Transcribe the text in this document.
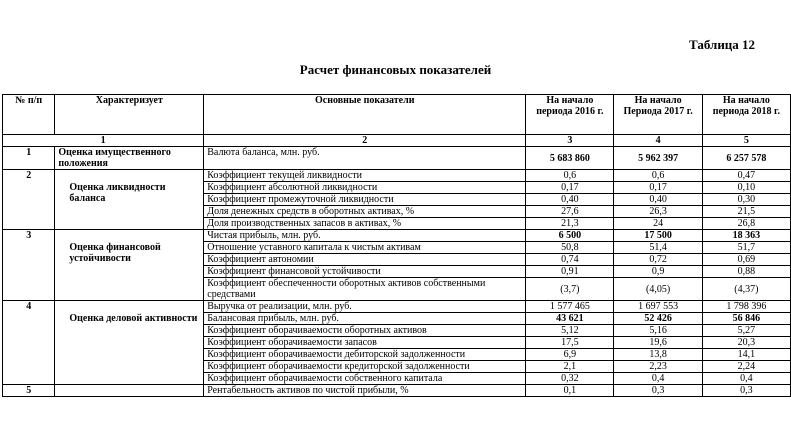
Таблица 12
Расчет финансовых показателей
№ п/п	Характеризует	Основные показатели	На начало периода 2016 г.	На начало Периода 2017 г.	На начало периода 2018 г.
1		2	3	4	5
1	Оценка имущественного положения	Валюта баланса, млн. руб.	5 683 860	5 962 397	6 257 578
2	Оценка ликвидности баланса	Коэффициент текущей ликвидности	0,6	0,6	0,47
		Коэффициент абсолютной ликвидности	0,17	0,17	0,10
		Коэффициент промежуточной ликвидности	0,40	0,40	0,30
		Доля денежных средств в оборотных активах, %	27,6	26,3	21,5
		Доля производственных запасов в активах, %	21,3	24	26,8
3	Оценка финансовой устойчивости	Чистая прибыль, млн. руб.	6 500	17 500	18 363
		Отношение уставного капитала к чистым активам	50,8	51,4	51,7
		Коэффициент автономии	0,74	0,72	0,69
		Коэффициент финансовой устойчивости	0,91	0,9	0,88
		Коэффициент обеспеченности оборотных активов собственными средствами	(3,7)	(4,05)	(4,37)
4	Оценка деловой активности	Выручка от реализации, млн. руб.	1 577 465	1 697 553	1 798 396
		Балансовая прибыль, млн. руб.	43 621	52 426	56 846
		Коэффициент оборачиваемости оборотных активов	5,12	5,16	5,27
		Коэффициент оборачиваемости запасов	17,5	19,6	20,3
		Коэффициент оборачиваемости дебиторской задолженности	6,9	13,8	14,1
		Коэффициент оборачиваемости кредиторской задолженности	2,1	2,23	2,24
		Коэффициент оборачиваемости собственного капитала	0,32	0,4	0,4
5		Рентабельность активов по чистой прибыли, %	0,1	0,3	0,3
